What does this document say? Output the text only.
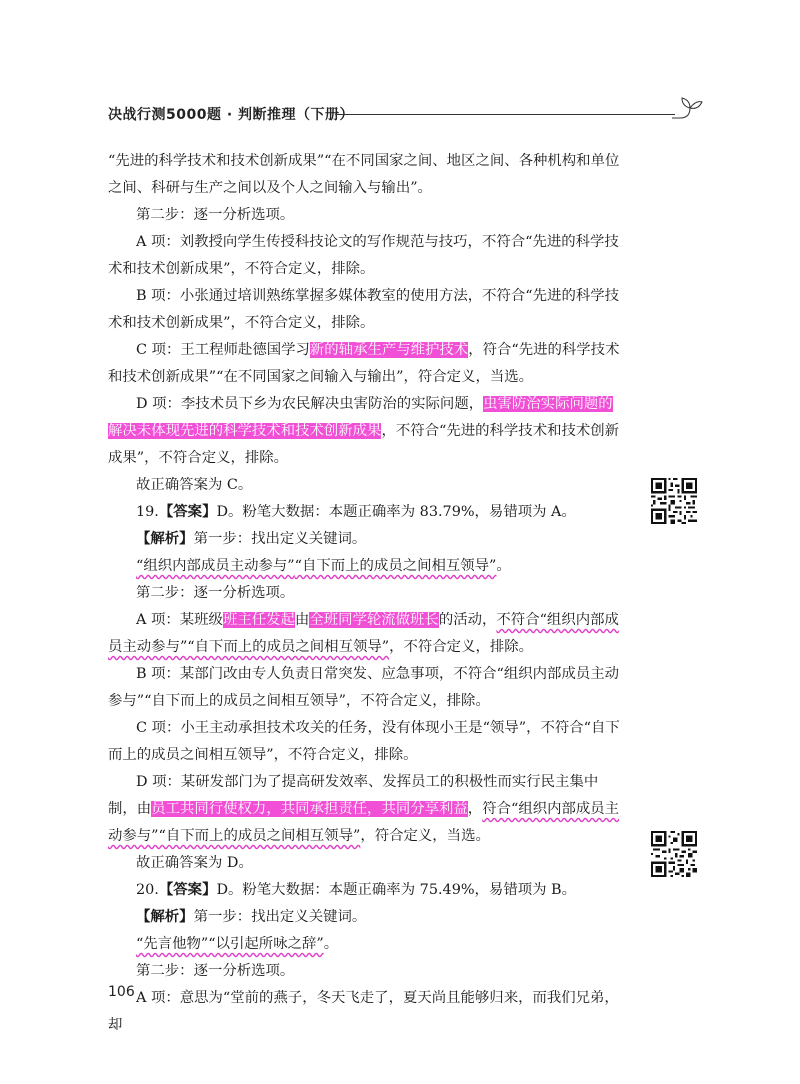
决战行测5000题 · 判断推理（下册）

“先进的科学技术和技术创新成果”“在不同国家之间、地区之间、各种机构和单位之间、科研与生产之间以及个人之间输入与输出”。

第二步：逐一分析选项。

A 项：刘教授向学生传授科技论文的写作规范与技巧，不符合“先进的科学技术和技术创新成果”，不符合定义，排除。

B 项：小张通过培训熟练掌握多媒体教室的使用方法，不符合“先进的科学技术和技术创新成果”，不符合定义，排除。

C 项：王工程师赴德国学习新的轴承生产与维护技术，符合“先进的科学技术和技术创新成果”“在不同国家之间输入与输出”，符合定义，当选。

D 项：李技术员下乡为农民解决虫害防治的实际问题，虫害防治实际问题的解决未体现先进的科学技术和技术创新成果，不符合“先进的科学技术和技术创新成果”，不符合定义，排除。

故正确答案为 C。

19.【答案】D。粉笔大数据：本题正确率为 83.79%，易错项为 A。

【解析】第一步：找出定义关键词。

“组织内部成员主动参与”“自下而上的成员之间相互领导”。

第二步：逐一分析选项。

A 项：某班级班主任发起由全班同学轮流做班长的活动，不符合“组织内部成员主动参与”“自下而上的成员之间相互领导”，不符合定义，排除。

B 项：某部门改由专人负责日常突发、应急事项，不符合“组织内部成员主动参与”“自下而上的成员之间相互领导”，不符合定义，排除。

C 项：小王主动承担技术攻关的任务，没有体现小王是“领导”，不符合“自下而上的成员之间相互领导”，不符合定义，排除。

D 项：某研发部门为了提高研发效率、发挥员工的积极性而实行民主集中制，由员工共同行使权力，共同承担责任，共同分享利益，符合“组织内部成员主动参与”“自下而上的成员之间相互领导”，符合定义，当选。

故正确答案为 D。

20.【答案】D。粉笔大数据：本题正确率为 75.49%，易错项为 B。

【解析】第一步：找出定义关键词。

“先言他物”“以引起所咏之辞”。

第二步：逐一分析选项。

A 项：意思为“堂前的燕子，冬天飞走了，夏天尚且能够归来，而我们兄弟，却

106
